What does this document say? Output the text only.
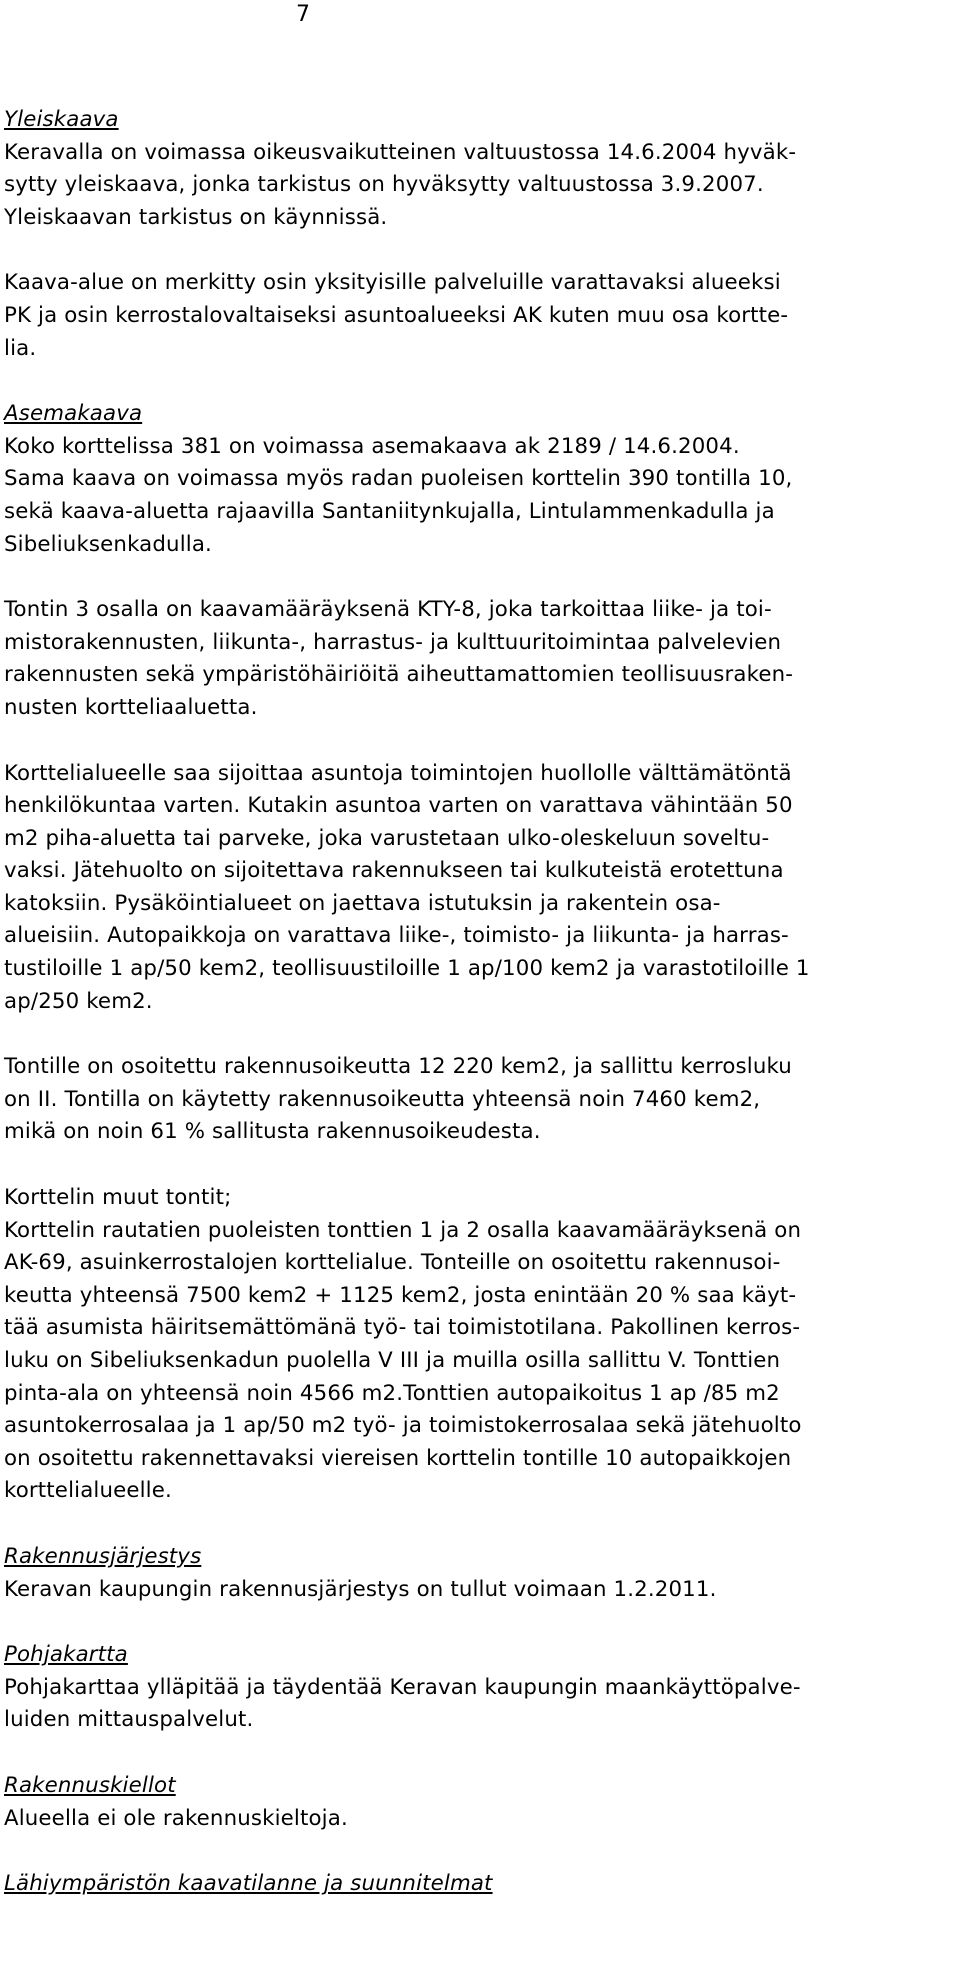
7
Yleiskaava
Keravalla on voimassa oikeusvaikutteinen valtuustossa 14.6.2004 hyväk-
sytty yleiskaava, jonka tarkistus on hyväksytty valtuustossa 3.9.2007.
Yleiskaavan tarkistus on käynnissä.
Kaava-alue on merkitty osin yksityisille palveluille varattavaksi alueeksi
PK ja osin kerrostalovaltaiseksi asuntoalueeksi AK kuten muu osa kortte-
lia.
Asemakaava
Koko korttelissa 381 on voimassa asemakaava ak 2189 / 14.6.2004.
Sama kaava on voimassa myös radan puoleisen korttelin 390 tontilla 10,
sekä kaava-aluetta rajaavilla Santaniitynkujalla, Lintulammenkadulla ja
Sibeliuksenkadulla.
Tontin 3 osalla on kaavamääräyksenä KTY-8, joka tarkoittaa liike- ja toi-
mistorakennusten, liikunta-, harrastus- ja kulttuuritoimintaa palvelevien
rakennusten sekä ympäristöhäiriöitä aiheuttamattomien teollisuusraken-
nusten kortteliaaluetta.
Korttelialueelle saa sijoittaa asuntoja toimintojen huollolle välttämätöntä
henkilökuntaa varten. Kutakin asuntoa varten on varattava vähintään 50
m2 piha-aluetta tai parveke, joka varustetaan ulko-oleskeluun soveltu-
vaksi. Jätehuolto on sijoitettava rakennukseen tai kulkuteistä erotettuna
katoksiin. Pysäköintialueet on jaettava istutuksin ja rakentein osa-
alueisiin. Autopaikkoja on varattava liike-, toimisto- ja liikunta- ja harras-
tustiloille 1 ap/50 kem2, teollisuustiloille 1 ap/100 kem2 ja varastotiloille 1
ap/250 kem2.
Tontille on osoitettu rakennusoikeutta 12 220 kem2, ja sallittu kerrosluku
on II. Tontilla on käytetty rakennusoikeutta yhteensä noin 7460 kem2,
mikä on noin 61 % sallitusta rakennusoikeudesta.
Korttelin muut tontit;
Korttelin rautatien puoleisten tonttien 1 ja 2 osalla kaavamääräyksenä on
AK-69, asuinkerrostalojen korttelialue. Tonteille on osoitettu rakennusoi-
keutta yhteensä 7500 kem2 + 1125 kem2, josta enintään 20 % saa käyt-
tää asumista häiritsemättömänä työ- tai toimistotilana. Pakollinen kerros-
luku on Sibeliuksenkadun puolella V III ja muilla osilla sallittu V. Tonttien
pinta-ala on yhteensä noin 4566 m2.Tonttien autopaikoitus 1 ap /85 m2
asuntokerrosalaa ja 1 ap/50 m2 työ- ja toimistokerrosalaa sekä jätehuolto
on osoitettu rakennettavaksi viereisen korttelin tontille 10 autopaikkojen
korttelialueelle.
Rakennusjärjestys
Keravan kaupungin rakennusjärjestys on tullut voimaan 1.2.2011.
Pohjakartta
Pohjakarttaa ylläpitää ja täydentää Keravan kaupungin maankäyttöpalve-
luiden mittauspalvelut.
Rakennuskiellot
Alueella ei ole rakennuskieltoja.
Lähiympäristön kaavatilanne ja suunnitelmat
